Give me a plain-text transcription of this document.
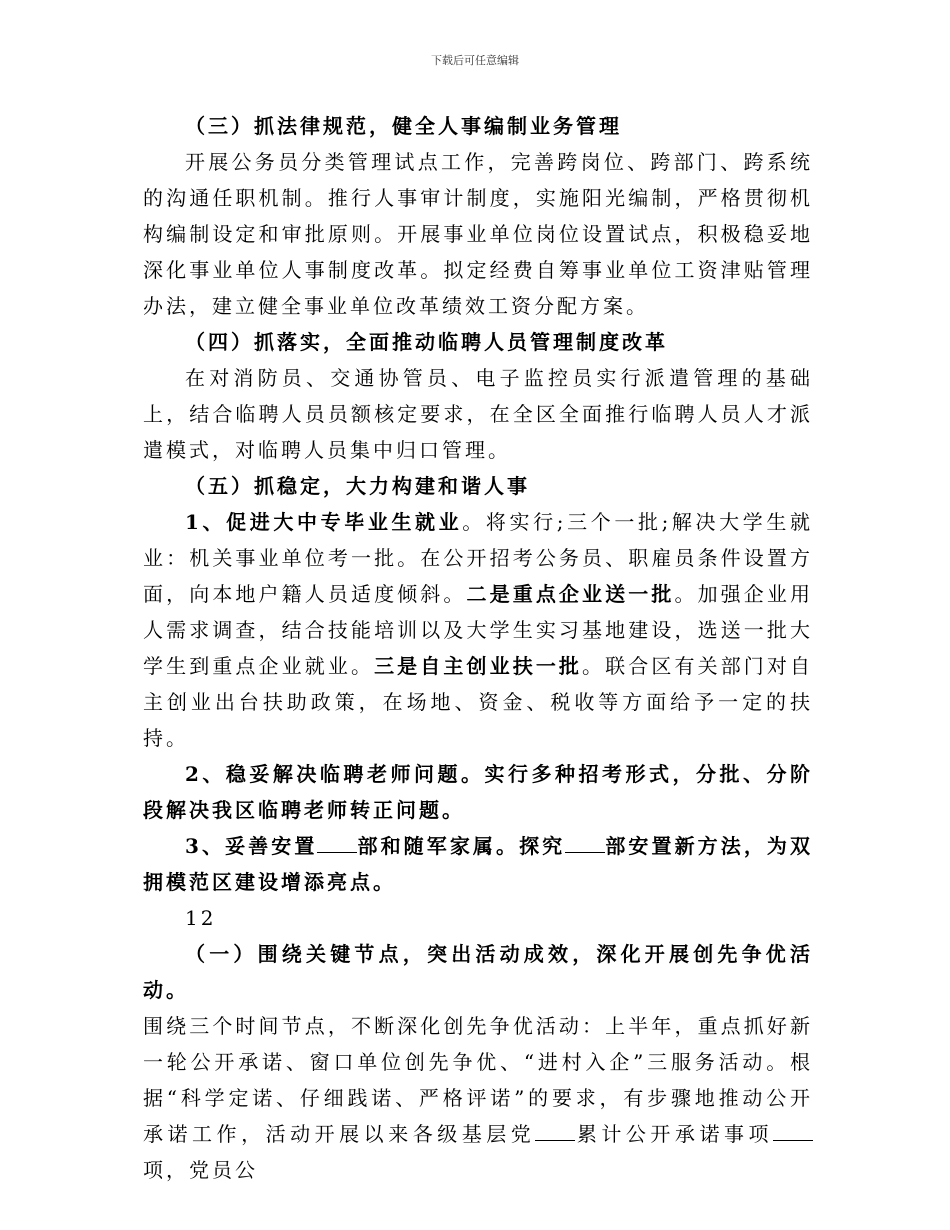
下载后可任意编辑

（三）抓法律规范，健全人事编制业务管理

开展公务员分类管理试点工作，完善跨岗位、跨部门、跨系统的沟通任职机制。推行人事审计制度，实施阳光编制，严格贯彻机构编制设定和审批原则。开展事业单位岗位设置试点，积极稳妥地深化事业单位人事制度改革。拟定经费自筹事业单位工资津贴管理办法，建立健全事业单位改革绩效工资分配方案。

（四）抓落实，全面推动临聘人员管理制度改革

在对消防员、交通协管员、电子监控员实行派遣管理的基础上，结合临聘人员员额核定要求，在全区全面推行临聘人员人才派遣模式，对临聘人员集中归口管理。

（五）抓稳定，大力构建和谐人事

1、促进大中专毕业生就业。将实行;三个一批;解决大学生就业：机关事业单位考一批。在公开招考公务员、职雇员条件设置方面，向本地户籍人员适度倾斜。二是重点企业送一批。加强企业用人需求调查，结合技能培训以及大学生实习基地建设，选送一批大学生到重点企业就业。三是自主创业扶一批。联合区有关部门对自主创业出台扶助政策，在场地、资金、税收等方面给予一定的扶持。

2、稳妥解决临聘老师问题。实行多种招考形式，分批、分阶段解决我区临聘老师转正问题。

3、妥善安置 部和随军家属。探究 部安置新方法，为双拥模范区建设增添亮点。

12

（一）围绕关键节点，突出活动成效，深化开展创先争优活动。

围绕三个时间节点，不断深化创先争优活动：上半年，重点抓好新一轮公开承诺、窗口单位创先争优、“进村入企”三服务活动。根据“科学定诺、仔细践诺、严格评诺”的要求，有步骤地推动公开承诺工作，活动开展以来各级基层党 累计公开承诺事项项，党员公
